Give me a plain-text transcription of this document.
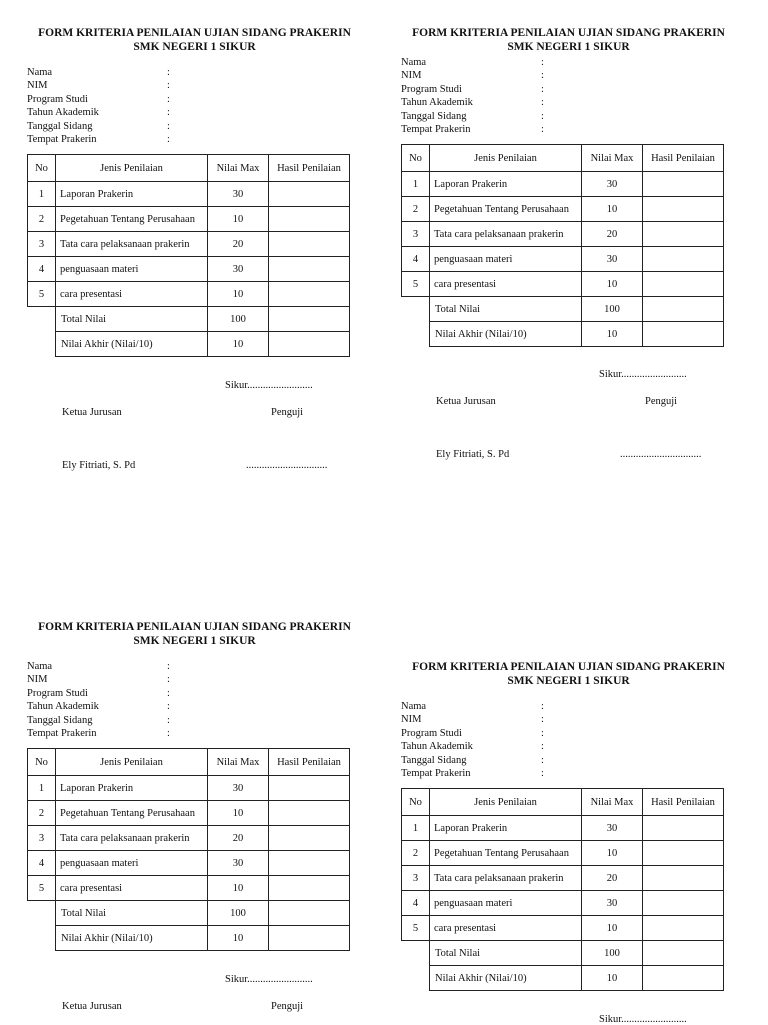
FORM KRITERIA PENILAIAN UJIAN SIDANG PRAKERIN
SMK NEGERI 1 SIKUR
Nama	:
NIM	:
Program Studi	:
Tahun Akademik	:
Tanggal Sidang	:
Tempat Prakerin	:
No	Jenis Penilaian	Nilai Max	Hasil Penilaian
1	Laporan Prakerin	30	
2	Pegetahuan Tentang Perusahaan	10	
3	Tata cara pelaksanaan prakerin	20	
4	penguasaan materi	30	
5	cara presentasi	10	
	Total Nilai	100	
	Nilai Akhir (Nilai/10)	10	
Sikur.........................
Ketua Jurusan	Penguji
Ely Fitriati, S. Pd	...............................
FORM KRITERIA PENILAIAN UJIAN SIDANG PRAKERIN
SMK NEGERI 1 SIKUR
Nama	:
NIM	:
Program Studi	:
Tahun Akademik	:
Tanggal Sidang	:
Tempat Prakerin	:
No	Jenis Penilaian	Nilai Max	Hasil Penilaian
1	Laporan Prakerin	30	
2	Pegetahuan Tentang Perusahaan	10	
3	Tata cara pelaksanaan prakerin	20	
4	penguasaan materi	30	
5	cara presentasi	10	
	Total Nilai	100	
	Nilai Akhir (Nilai/10)	10	
Sikur.........................
Ketua Jurusan	Penguji
Ely Fitriati, S. Pd	...............................
FORM KRITERIA PENILAIAN UJIAN SIDANG PRAKERIN
SMK NEGERI 1 SIKUR
Nama	:
NIM	:
Program Studi	:
Tahun Akademik	:
Tanggal Sidang	:
Tempat Prakerin	:
No	Jenis Penilaian	Nilai Max	Hasil Penilaian
1	Laporan Prakerin	30	
2	Pegetahuan Tentang Perusahaan	10	
3	Tata cara pelaksanaan prakerin	20	
4	penguasaan materi	30	
5	cara presentasi	10	
	Total Nilai	100	
	Nilai Akhir (Nilai/10)	10	
Sikur.........................
Ketua Jurusan	Penguji
FORM KRITERIA PENILAIAN UJIAN SIDANG PRAKERIN
SMK NEGERI 1 SIKUR
Nama	:
NIM	:
Program Studi	:
Tahun Akademik	:
Tanggal Sidang	:
Tempat Prakerin	:
No	Jenis Penilaian	Nilai Max	Hasil Penilaian
1	Laporan Prakerin	30	
2	Pegetahuan Tentang Perusahaan	10	
3	Tata cara pelaksanaan prakerin	20	
4	penguasaan materi	30	
5	cara presentasi	10	
	Total Nilai	100	
	Nilai Akhir (Nilai/10)	10	
Sikur.........................
